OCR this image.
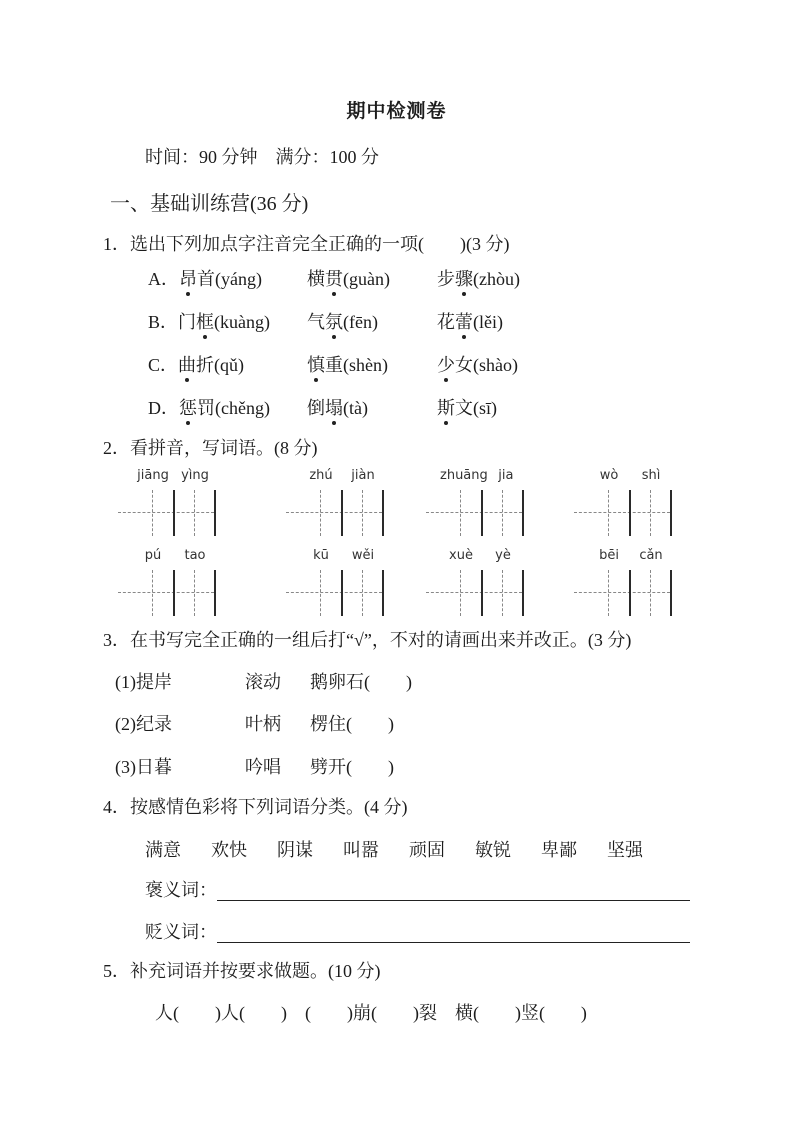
期中检测卷
时间：90 分钟　满分：100 分
一、基础训练营(36 分)
1．选出下列加点字注音完全正确的一项(　　)(3 分)
A．昂首(yáng)	横贯(guàn)	步骤(zhòu)
B．门框(kuàng) 气氛(fēn)	花蕾(lěi)
C．曲折(qǔ)	慎重(shèn)	少女(shào)
D．惩罚(chěng) 倒塌(tà)	斯文(sī)
2．看拼音，写词语。(8 分)
jiāng yìng	zhú	jiàn	zhuāng jia	wò	shì
pú	tao	kū	wěi	xuè	yè	bēi	cǎn
3．在书写完全正确的一组后打“√”，不对的请画出来并改正。(3 分)
(1)提岸	滚动 鹅卵石(　　)
(2)纪录	叶柄 楞住(　　)
(3)日暮	吟唱 劈开(　　)
4．按感情色彩将下列词语分类。(4 分)
满意 欢快 阴谋 叫嚣 顽固 敏锐 卑鄙 坚强
褒义词：
贬义词：
5．补充词语并按要求做题。(10 分)
人(　　)人(　　)　(　　)崩(　　)裂　横(　　)竖(　　)
